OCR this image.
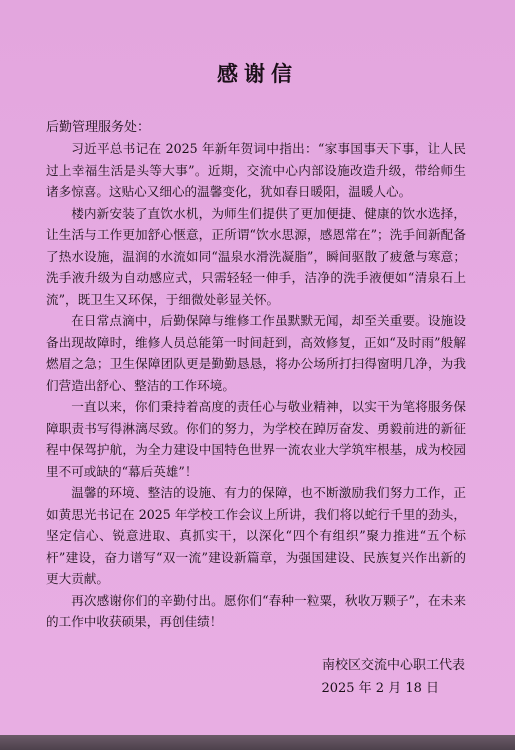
感谢信
后勤管理服务处：

习近平总书记在 2025 年新年贺词中指出：“家事国事天下事，让人民过上幸福生活是头等大事”。近期，交流中心内部设施改造升级，带给师生诸多惊喜。这贴心又细心的温馨变化，犹如春日暖阳，温暖人心。

楼内新安装了直饮水机，为师生们提供了更加便捷、健康的饮水选择，让生活与工作更加舒心惬意，正所谓“饮水思源，感恩常在”；洗手间新配备了热水设施，温润的水流如同“温泉水滑洗凝脂”，瞬间驱散了疲惫与寒意；洗手液升级为自动感应式，只需轻轻一伸手，洁净的洗手液便如“清泉石上流”，既卫生又环保，于细微处彰显关怀。

在日常点滴中，后勤保障与维修工作虽默默无闻，却至关重要。设施设备出现故障时，维修人员总能第一时间赶到，高效修复，正如“及时雨”般解燃眉之急；卫生保障团队更是勤勤恳恳，将办公场所打扫得窗明几净，为我们营造出舒心、整洁的工作环境。

一直以来，你们秉持着高度的责任心与敬业精神，以实干为笔将服务保障职责书写得淋漓尽致。你们的努力，为学校在踔厉奋发、勇毅前进的新征程中保驾护航，为全力建设中国特色世界一流农业大学筑牢根基，成为校园里不可或缺的“幕后英雄”！

温馨的环境、整洁的设施、有力的保障，也不断激励我们努力工作，正如黄思光书记在 2025 年学校工作会议上所讲，我们将以蛇行千里的劲头，坚定信心、锐意进取、真抓实干，以深化“四个有组织”聚力推进“五个标杆”建设，奋力谱写“双一流”建设新篇章，为强国建设、民族复兴作出新的更大贡献。

再次感谢你们的辛勤付出。愿你们“春种一粒粟，秋收万颗子”，在未来的工作中收获硕果，再创佳绩！

南校区交流中心职工代表
2025 年 2 月 18 日
